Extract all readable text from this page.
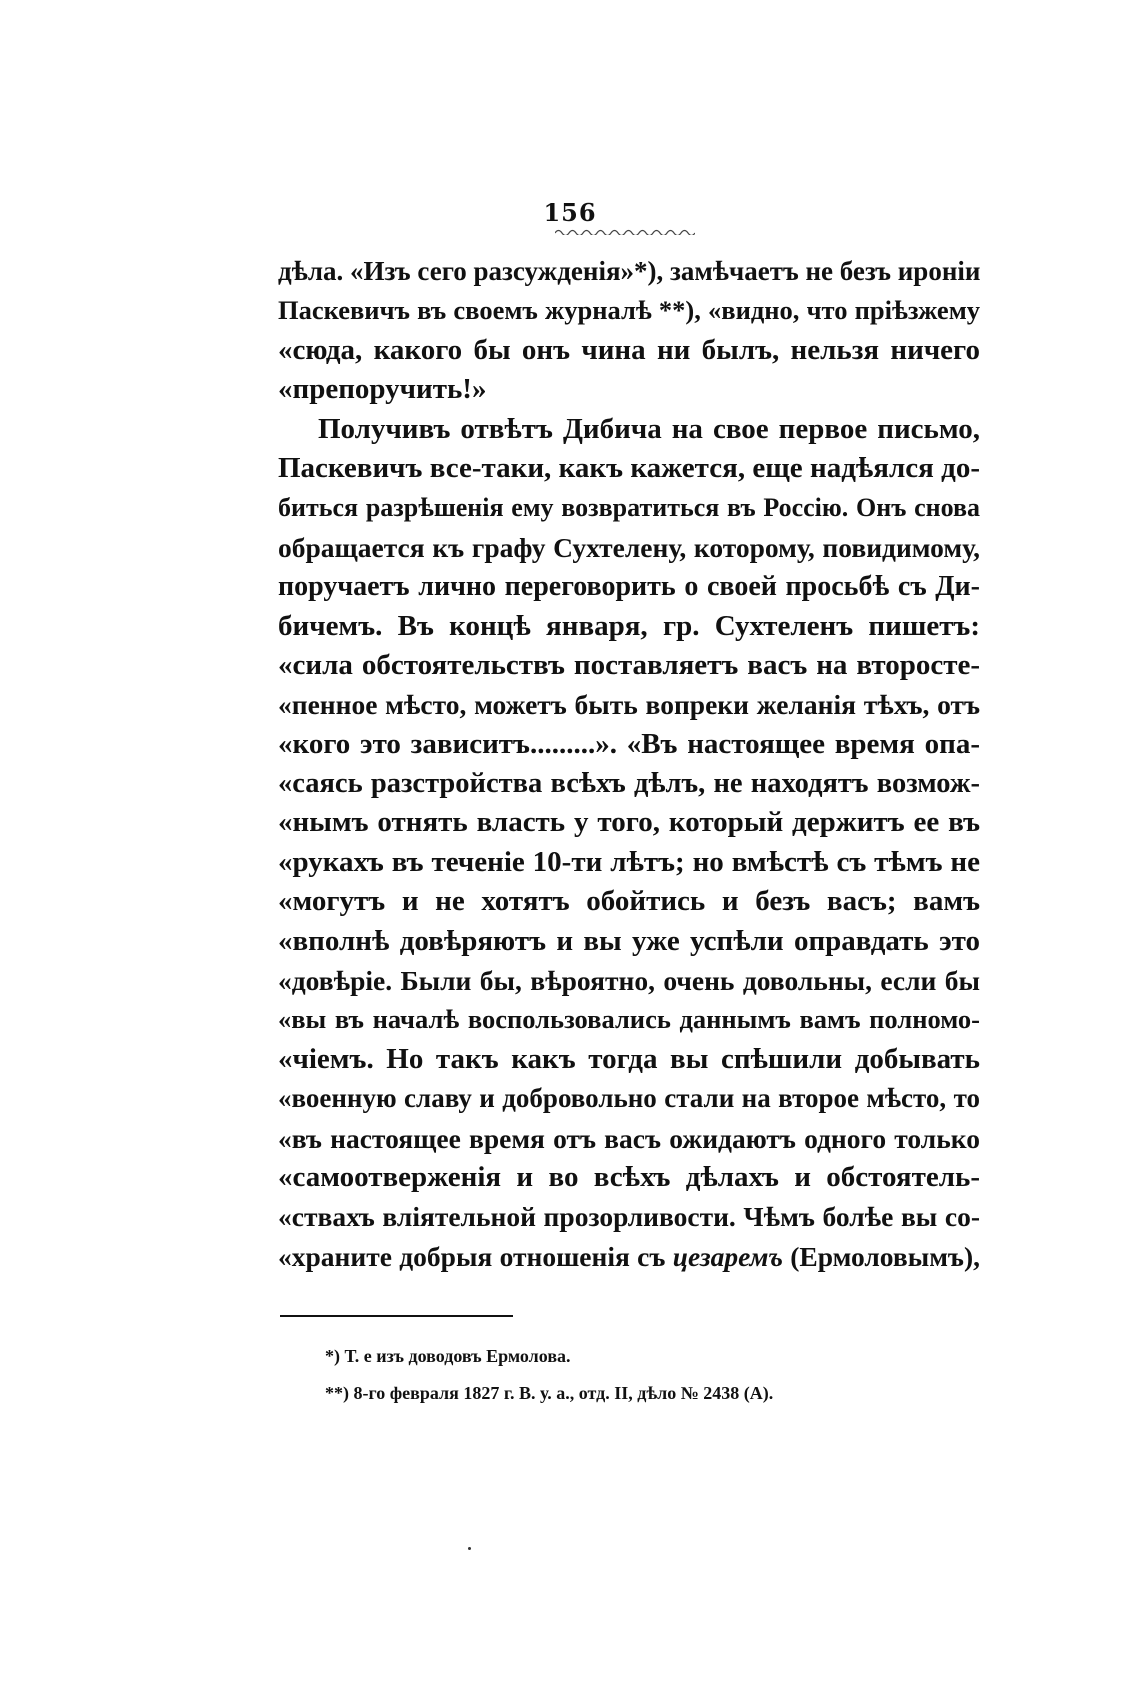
156
дѣла. «Изъ сего разсужденія»*), замѣчаетъ не безъ ироніи
Паскевичъ въ своемъ журналѣ **), «видно, что пріѣзжему
«сюда, какого бы онъ чина ни былъ, нельзя ничего
«препоручить!»
Получивъ отвѣтъ Дибича на свое первое письмо,
Паскевичъ все-таки, какъ кажется, еще надѣялся до-
биться разрѣшенія ему возвратиться въ Россію. Онъ снова
обращается къ графу Сухтелену, которому, повидимому,
поручаетъ лично переговорить о своей просьбѣ съ Ди-
бичемъ. Въ концѣ января, гр. Сухтеленъ пишетъ:
«сила обстоятельствъ поставляетъ васъ на второсте-
«пенное мѣсто, можетъ быть вопреки желанія тѣхъ, отъ
«кого это зависитъ.........». «Въ настоящее время опа-
«саясь разстройства всѣхъ дѣлъ, не находятъ возмож-
«нымъ отнять власть у того, который держитъ ее въ
«рукахъ въ теченіе 10-ти лѣтъ; но вмѣстѣ съ тѣмъ не
«могутъ и не хотятъ обойтись и безъ васъ; вамъ
«вполнѣ довѣряютъ и вы уже успѣли оправдать это
«довѣріе. Были бы, вѣроятно, очень довольны, если бы
«вы въ началѣ воспользовались даннымъ вамъ полномо-
«чіемъ. Но такъ какъ тогда вы спѣшили добывать
«военную славу и добровольно стали на второе мѣсто, то
«въ настоящее время отъ васъ ожидаютъ одного только
«самоотверженія и во всѣхъ дѣлахъ и обстоятель-
«ствахъ вліятельной прозорливости. Чѣмъ болѣе вы со-
«храните добрыя отношенія съ цезаремъ (Ермоловымъ),
*) Т. е изъ доводовъ Ермолова.
**) 8-го февраля 1827 г. В. у. а., отд. II, дѣло № 2438 (А).
